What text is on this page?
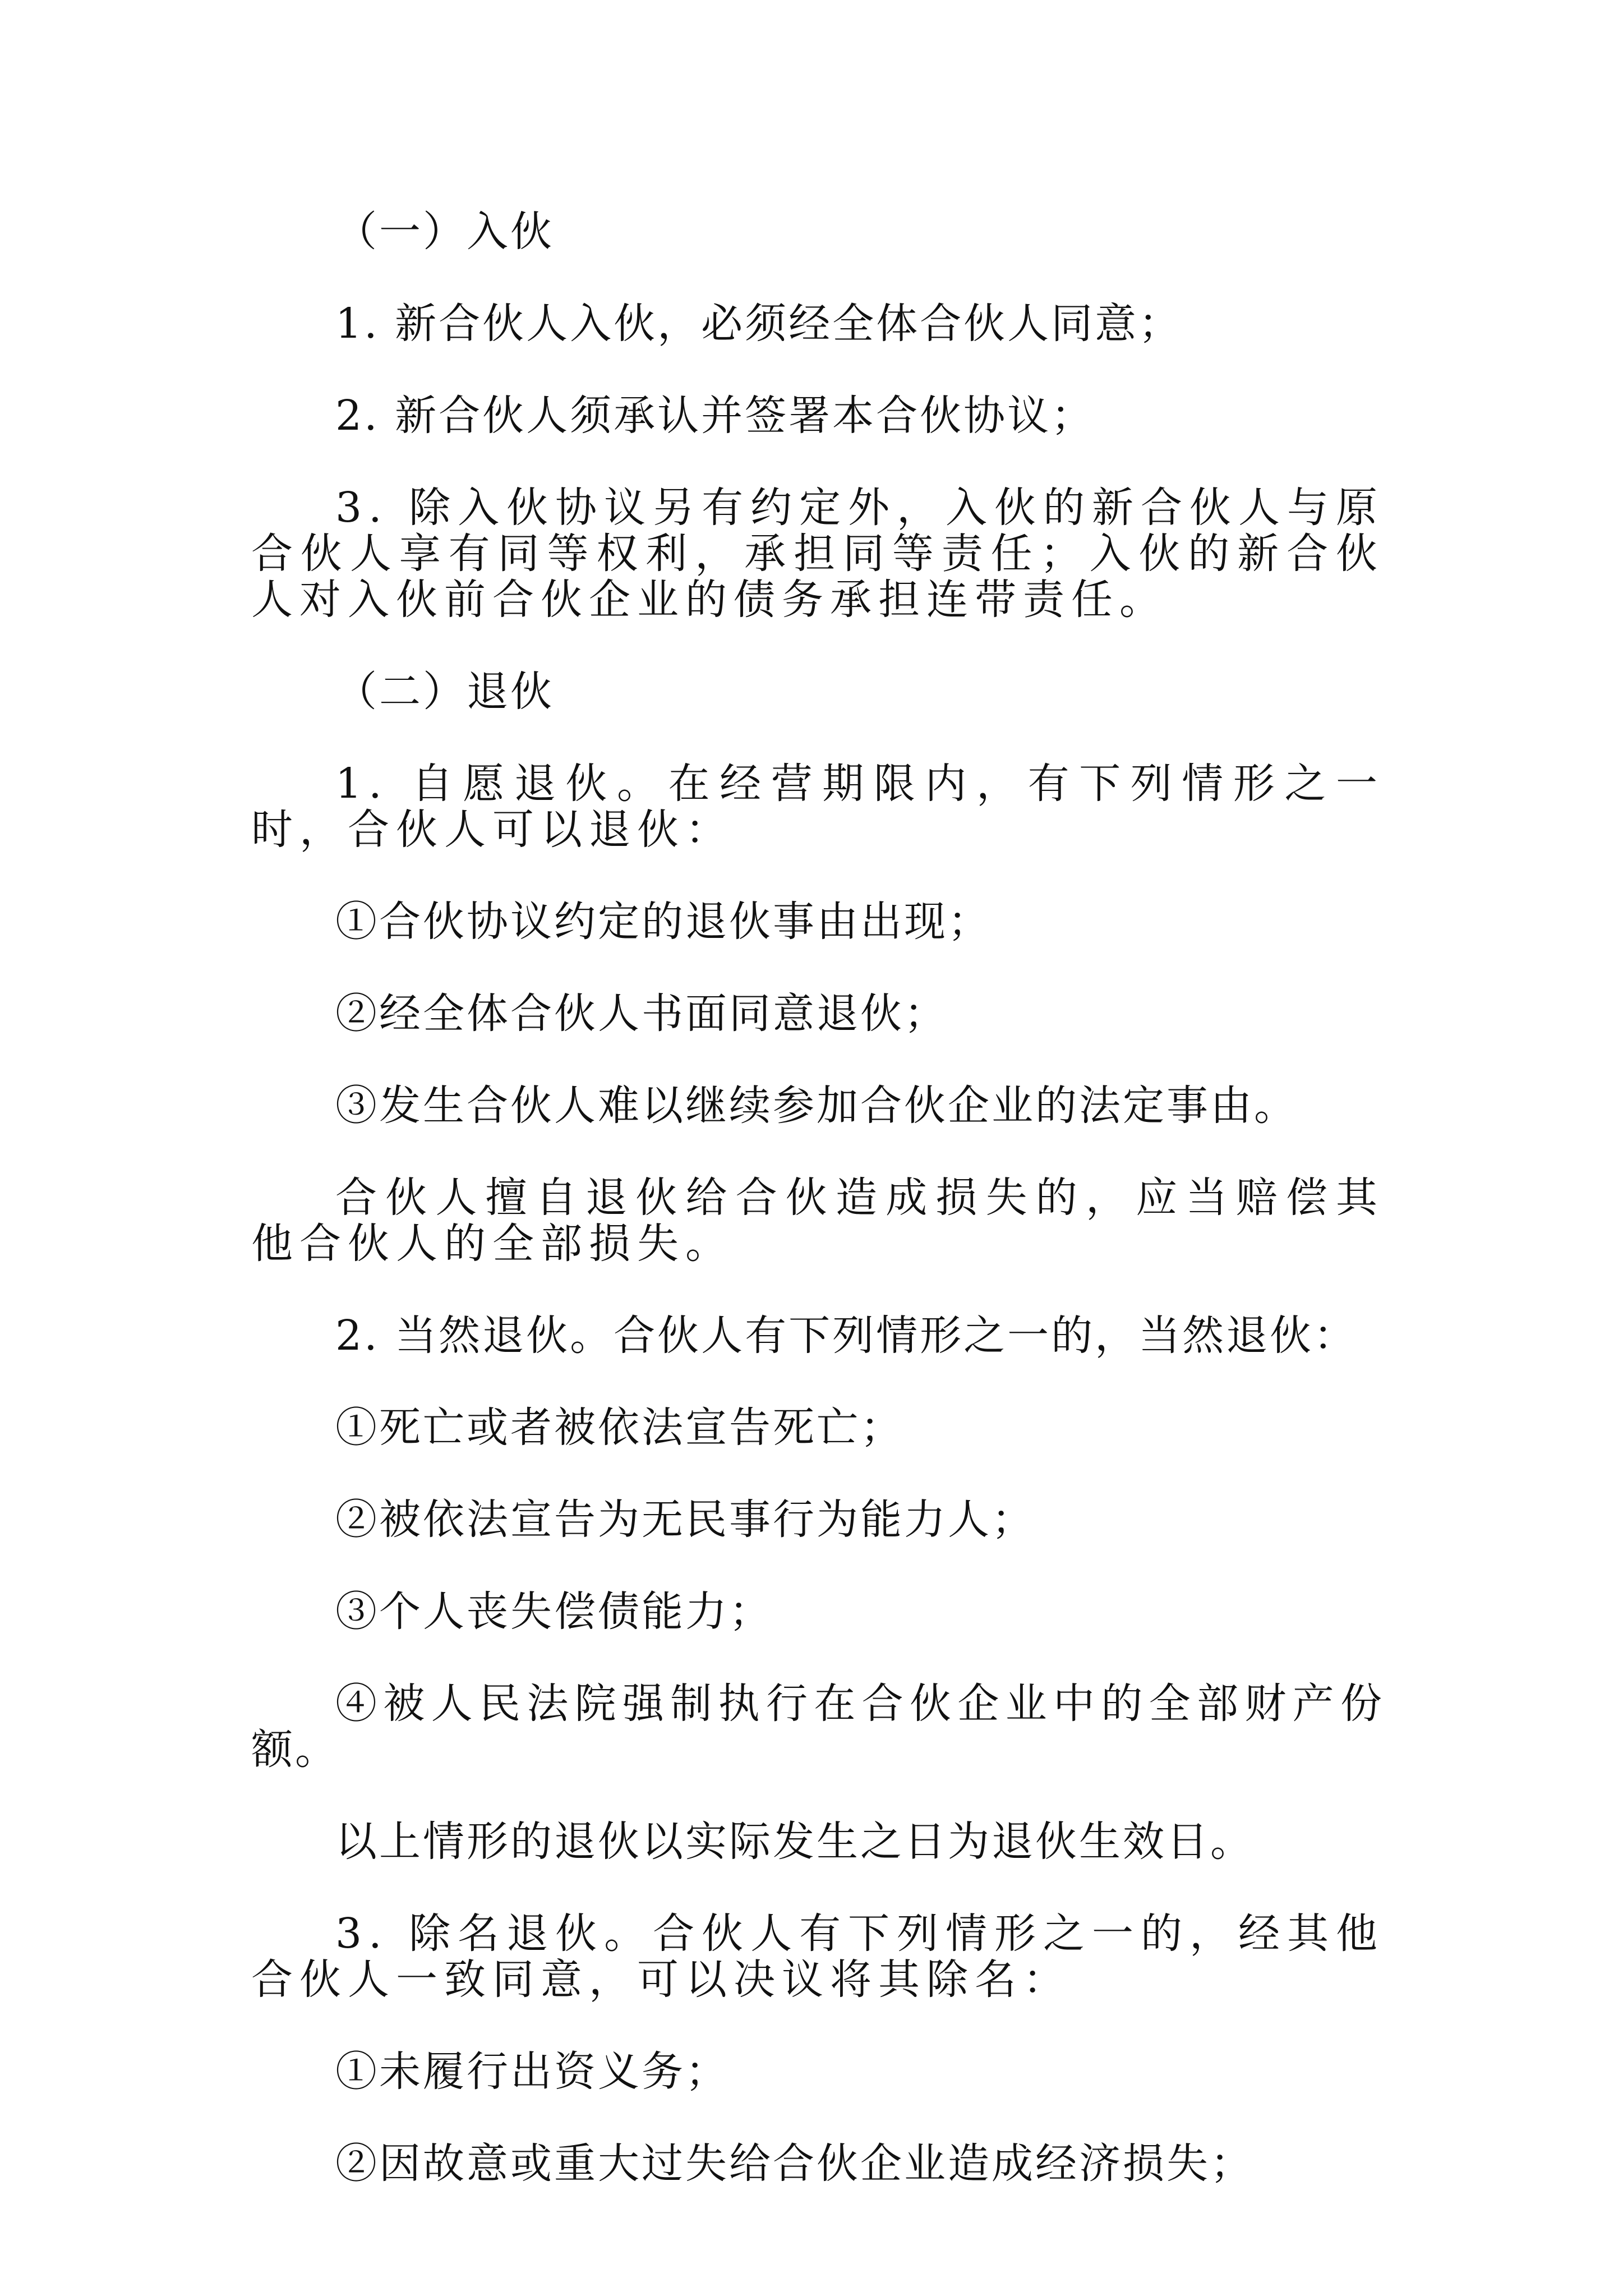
（一）入伙

1. 新合伙人入伙，必须经全体合伙人同意；

2. 新合伙人须承认并签署本合伙协议；

3. 除入伙协议另有约定外，入伙的新合伙人与原合伙人享有同等权利，承担同等责任；入伙的新合伙人对入伙前合伙企业的债务承担连带责任。

（二）退伙

1. 自愿退伙。在经营期限内，有下列情形之一时，合伙人可以退伙：

①合伙协议约定的退伙事由出现；

②经全体合伙人书面同意退伙；

③发生合伙人难以继续参加合伙企业的法定事由。

合伙人擅自退伙给合伙造成损失的，应当赔偿其他合伙人的全部损失。

2. 当然退伙。合伙人有下列情形之一的，当然退伙：

①死亡或者被依法宣告死亡；

②被依法宣告为无民事行为能力人；

③个人丧失偿债能力；

④被人民法院强制执行在合伙企业中的全部财产份额。

以上情形的退伙以实际发生之日为退伙生效日。

3. 除名退伙。合伙人有下列情形之一的，经其他合伙人一致同意，可以决议将其除名：

①未履行出资义务；

②因故意或重大过失给合伙企业造成经济损失；
